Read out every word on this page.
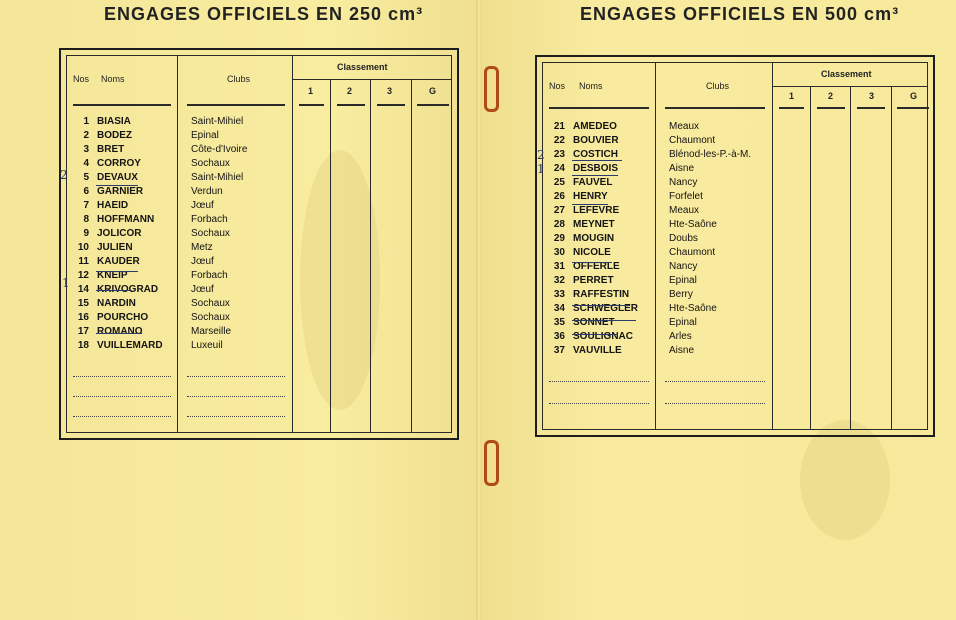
ENGAGES OFFICIELS EN 250 cm³
Classement
Nos Noms	Clubs
1	2	3	G
1 BIASIA	Saint-Mihiel
2 BODEZ	Epinal
3 BRET	Côte-d'Ivoire
4 CORROY	Sochaux
5 DEVAUX	Saint-Mihiel
6 GARNIER	Verdun
7 HAEID	Jœuf
8 HOFFMANN	Forbach
9 JOLICOR	Sochaux
10 JULIEN	Metz
11 KAUDER	Jœuf
12 KNEIP	Forbach
14 KRIVOGRAD	Jœuf
15 NARDIN	Sochaux
16 POURCHO	Sochaux
17 ROMANO	Marseille
18 VUILLEMARD	Luxeuil
2
1
ENGAGES OFFICIELS EN 500 cm³
Classement
Nos Noms	Clubs
1	2	3	G
21 AMEDEO	Meaux
22 BOUVIER	Chaumont
23 COSTICH	Blénod-les-P.-à-M.
24 DESBOIS	Aisne
25 FAUVEL	Nancy
26 HENRY	Forfelet
27 LEFEVRE	Meaux
28 MEYNET	Hte-Saône
29 MOUGIN	Doubs
30 NICOLE	Chaumont
31 OFFERLE	Nancy
32 PERRET	Epinal
33 RAFFESTIN	Berry
34 SCHWEGLER	Hte-Saône
35 SONNET	Epinal
36 SOULIGNAC	Arles
37 VAUVILLE	Aisne
2
1
